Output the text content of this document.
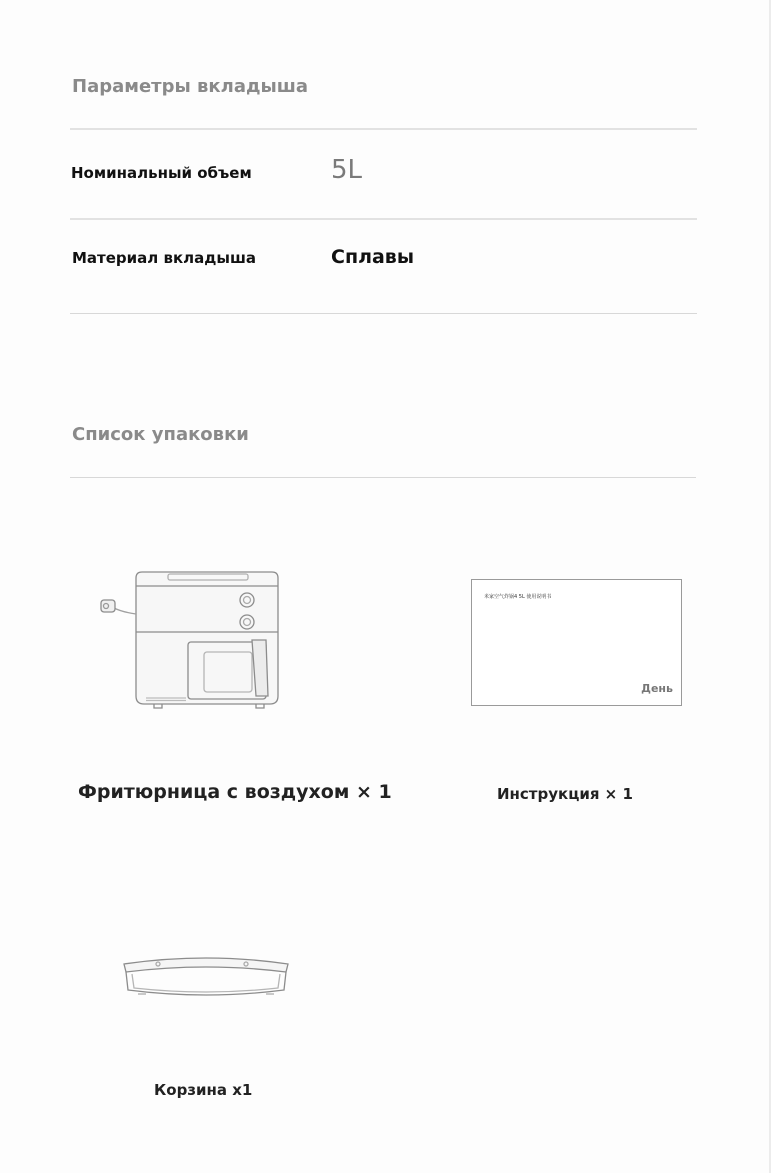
Параметры вкладыша
Номинальный объем	5L
Материал вкладыша	Сплавы
Список упаковки
米家空气炸锅4 5L 使用说明书
День
Фритюрница с воздухом × 1	Инструкция × 1
Корзина x1
